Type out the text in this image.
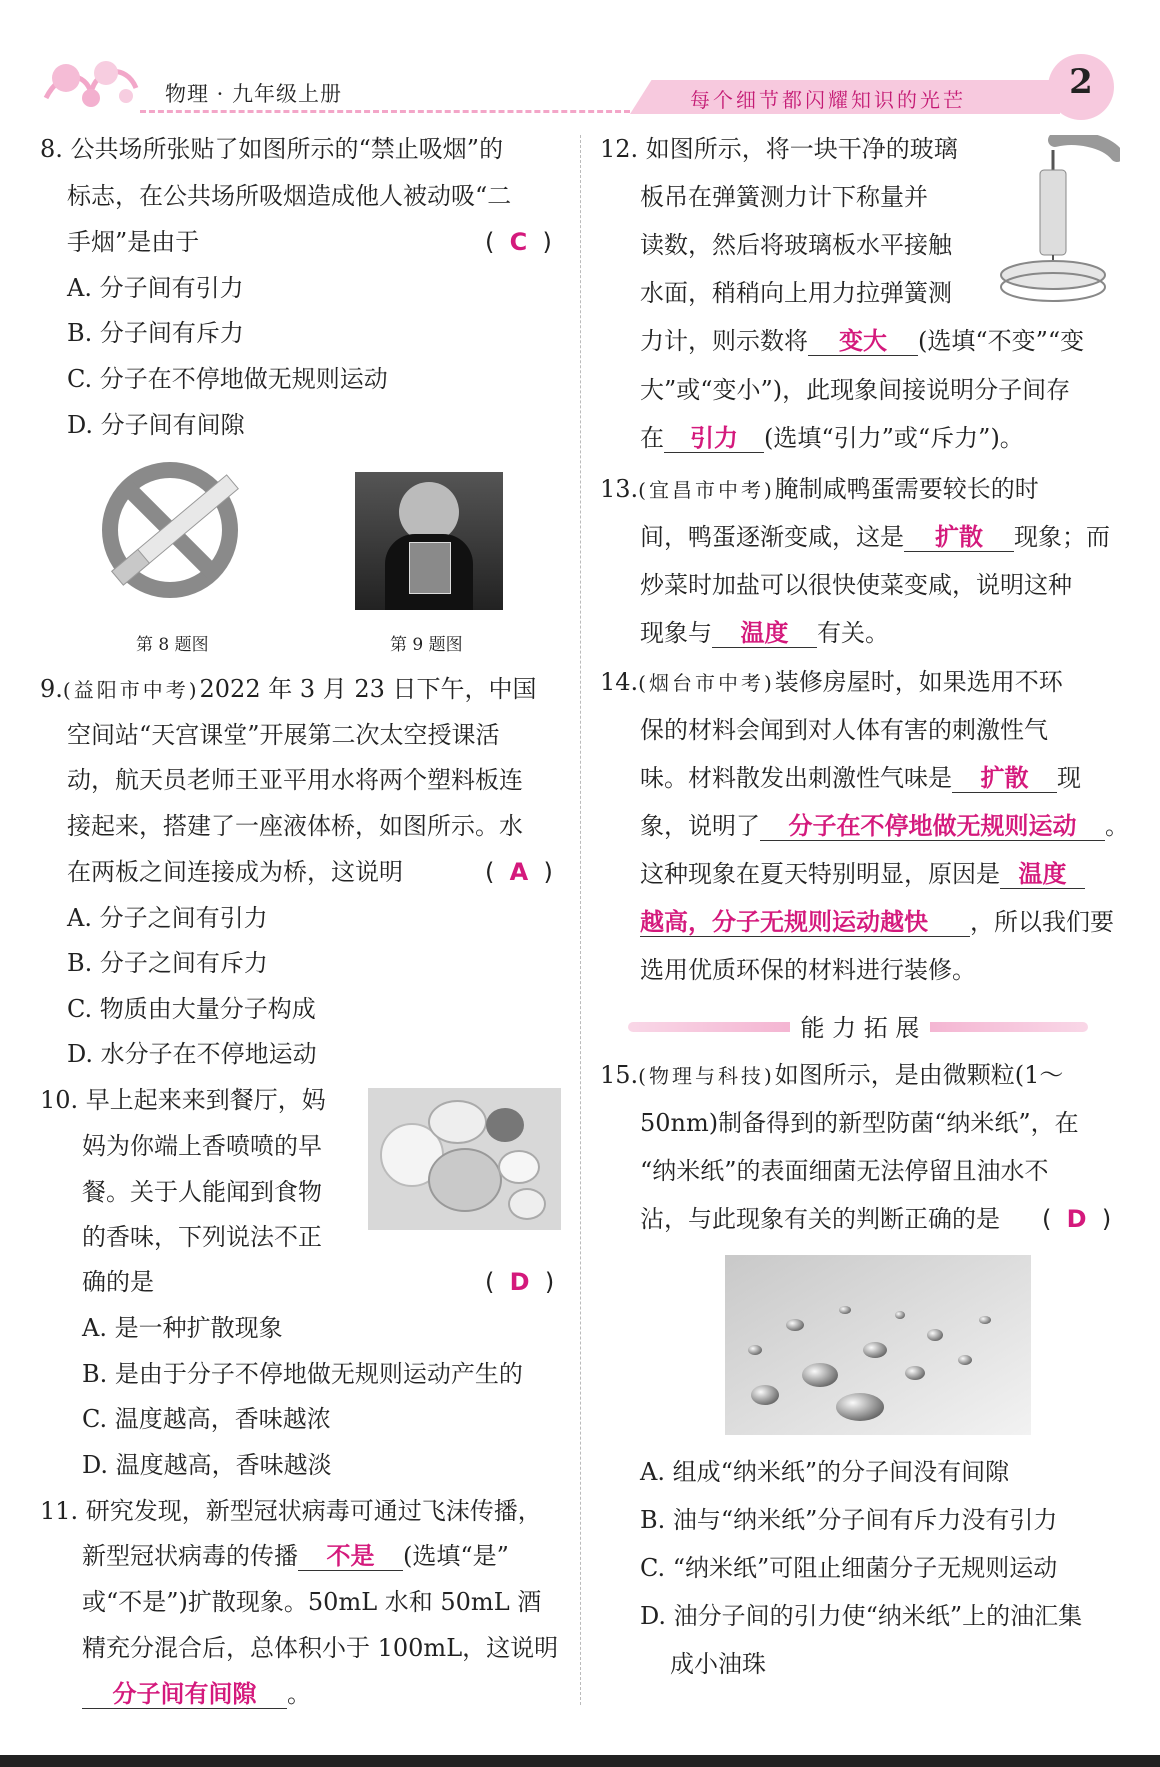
物理 · 九年级上册	每个细节都闪耀知识的光芒	2
8. 公共场所张贴了如图所示的“禁止吸烟”的
标志，在公共场所吸烟造成他人被动吸“二
手烟”是由于	( C )
A. 分子间有引力
B. 分子间有斥力
C. 分子在不停地做无规则运动
D. 分子间有间隙
第 8 题图	第 9 题图
9.(益阳市中考)2022 年 3 月 23 日下午，中国
空间站“天宫课堂”开展第二次太空授课活
动，航天员老师王亚平用水将两个塑料板连
接起来，搭建了一座液体桥，如图所示。水
在两板之间连接成为桥，这说明	( A )
A. 分子之间有引力
B. 分子之间有斥力
C. 物质由大量分子构成
D. 水分子在不停地运动
10. 早上起来来到餐厅，妈
妈为你端上香喷喷的早
餐。关于人能闻到食物
的香味，下列说法不正
确的是	( D )
A. 是一种扩散现象
B. 是由于分子不停地做无规则运动产生的
C. 温度越高，香味越浓
D. 温度越高，香味越淡
11. 研究发现，新型冠状病毒可通过飞沫传播，
新型冠状病毒的传播 不是 (选填“是”
或“不是”)扩散现象。50mL 水和 50mL 酒
精充分混合后，总体积小于 100mL，这说明
分子间有间隙 。
12. 如图所示，将一块干净的玻璃
板吊在弹簧测力计下称量并
读数，然后将玻璃板水平接触
水面，稍稍向上用力拉弹簧测
力计，则示数将 变大 (选填“不变”“变
大”或“变小”)，此现象间接说明分子间存
在 引力 (选填“引力”或“斥力”)。
13.(宜昌市中考)腌制咸鸭蛋需要较长的时
间，鸭蛋逐渐变咸，这是 扩散 现象；而
炒菜时加盐可以很快使菜变咸，说明这种
现象与 温度 有关。
14.(烟台市中考)装修房屋时，如果选用不环
保的材料会闻到对人体有害的刺激性气
味。材料散发出刺激性气味是 扩散 现
象，说明了 分子在不停地做无规则运动 。
这种现象在夏天特别明显，原因是 温度
越高，分子无规则运动越快 ，所以我们要
选用优质环保的材料进行装修。
能 力 拓 展
15.(物理与科技)如图所示，是由微颗粒(1～
50nm)制备得到的新型防菌“纳米纸”，在
“纳米纸”的表面细菌无法停留且油水不
沾，与此现象有关的判断正确的是 ( D )
A. 组成“纳米纸”的分子间没有间隙
B. 油与“纳米纸”分子间有斥力没有引力
C. “纳米纸”可阻止细菌分子无规则运动
D. 油分子间的引力使“纳米纸”上的油汇集
成小油珠
